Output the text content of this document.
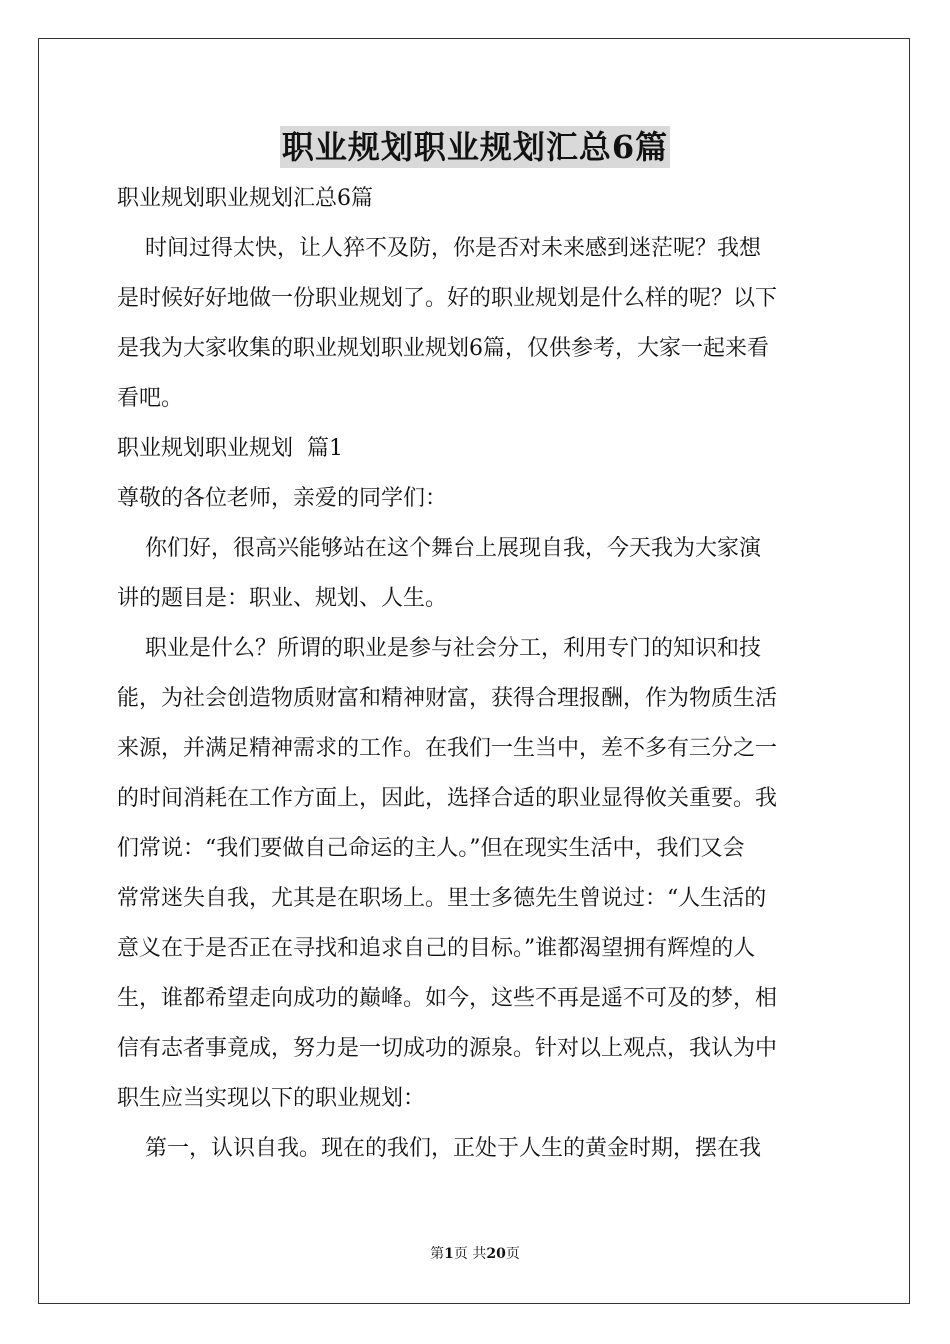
职业规划职业规划汇总6篇
职业规划职业规划汇总6篇
时间过得太快，让人猝不及防，你是否对未来感到迷茫呢？我想
是时候好好地做一份职业规划了。好的职业规划是什么样的呢？以下
是我为大家收集的职业规划职业规划6篇，仅供参考，大家一起来看
看吧。
职业规划职业规划  篇1
尊敬的各位老师，亲爱的同学们：
你们好，很高兴能够站在这个舞台上展现自我，今天我为大家演
讲的题目是：职业、规划、人生。
职业是什么？所谓的职业是参与社会分工，利用专门的知识和技
能，为社会创造物质财富和精神财富，获得合理报酬，作为物质生活
来源，并满足精神需求的工作。在我们一生当中，差不多有三分之一
的时间消耗在工作方面上，因此，选择合适的职业显得攸关重要。我
们常说：“我们要做自己命运的主人。”但在现实生活中，我们又会
常常迷失自我，尤其是在职场上。里士多德先生曾说过：“人生活的
意义在于是否正在寻找和追求自己的目标。”谁都渴望拥有辉煌的人
生，谁都希望走向成功的巅峰。如今，这些不再是遥不可及的梦，相
信有志者事竟成，努力是一切成功的源泉。针对以上观点，我认为中
职生应当实现以下的职业规划：
第一，认识自我。现在的我们，正处于人生的黄金时期，摆在我
第1页 共20页
